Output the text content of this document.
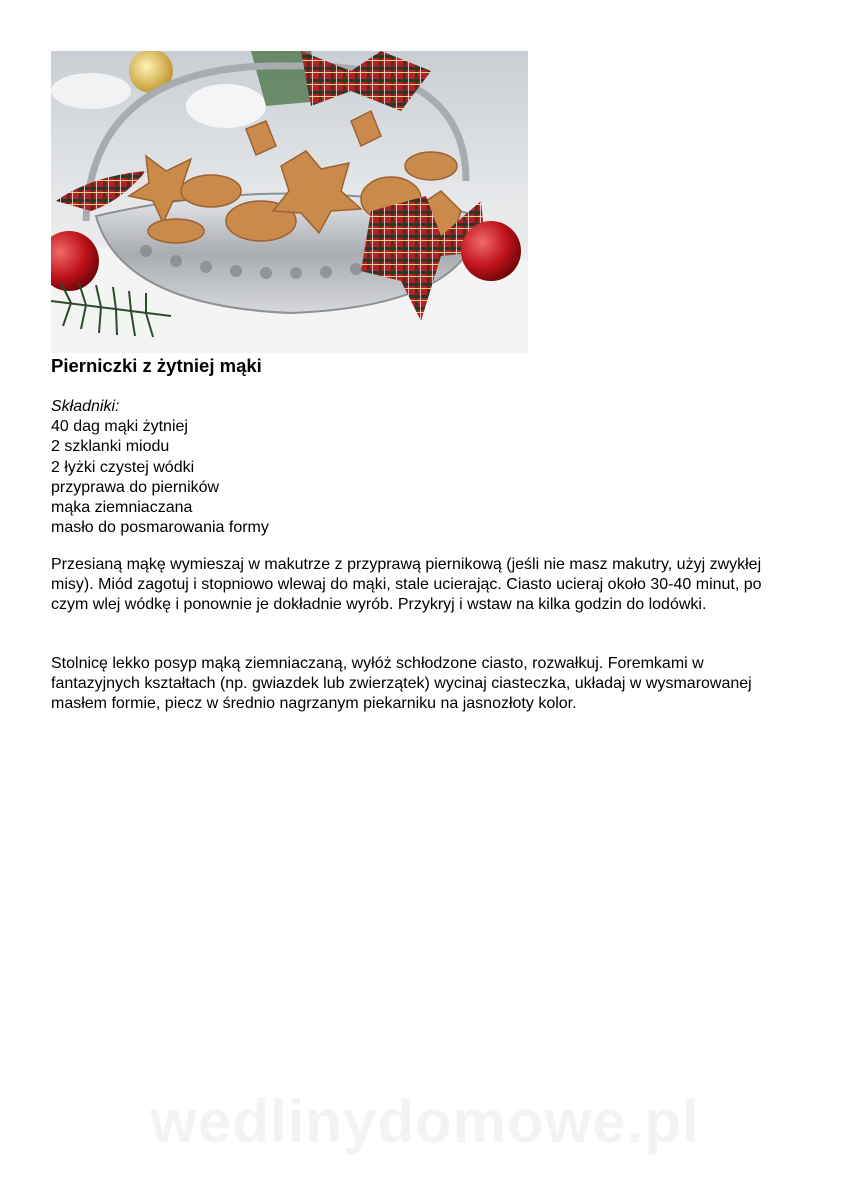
Pierniczki z żytniej mąki
Składniki:
40 dag mąki żytniej
2 szklanki miodu
2 łyżki czystej wódki
przyprawa do pierników
mąka ziemniaczana
masło do posmarowania formy

Przesianą mąkę wymieszaj w makutrze z przyprawą piernikową (jeśli nie masz makutry, użyj zwykłej misy). Miód zagotuj i stopniowo wlewaj do mąki, stale ucierając. Ciasto ucieraj około 30-40 minut, po czym wlej wódkę i ponownie je dokładnie wyrób. Przykryj i wstaw na kilka godzin do lodówki.

Stolnicę lekko posyp mąką ziemniaczaną, wyłóż schłodzone ciasto, rozwałkuj. Foremkami w fantazyjnych kształtach (np. gwiazdek lub zwierzątek) wycinaj ciasteczka, układaj w wysmarowanej masłem formie, piecz w średnio nagrzanym piekarniku na jasnozłoty kolor.

wedlinydomowe.pl
